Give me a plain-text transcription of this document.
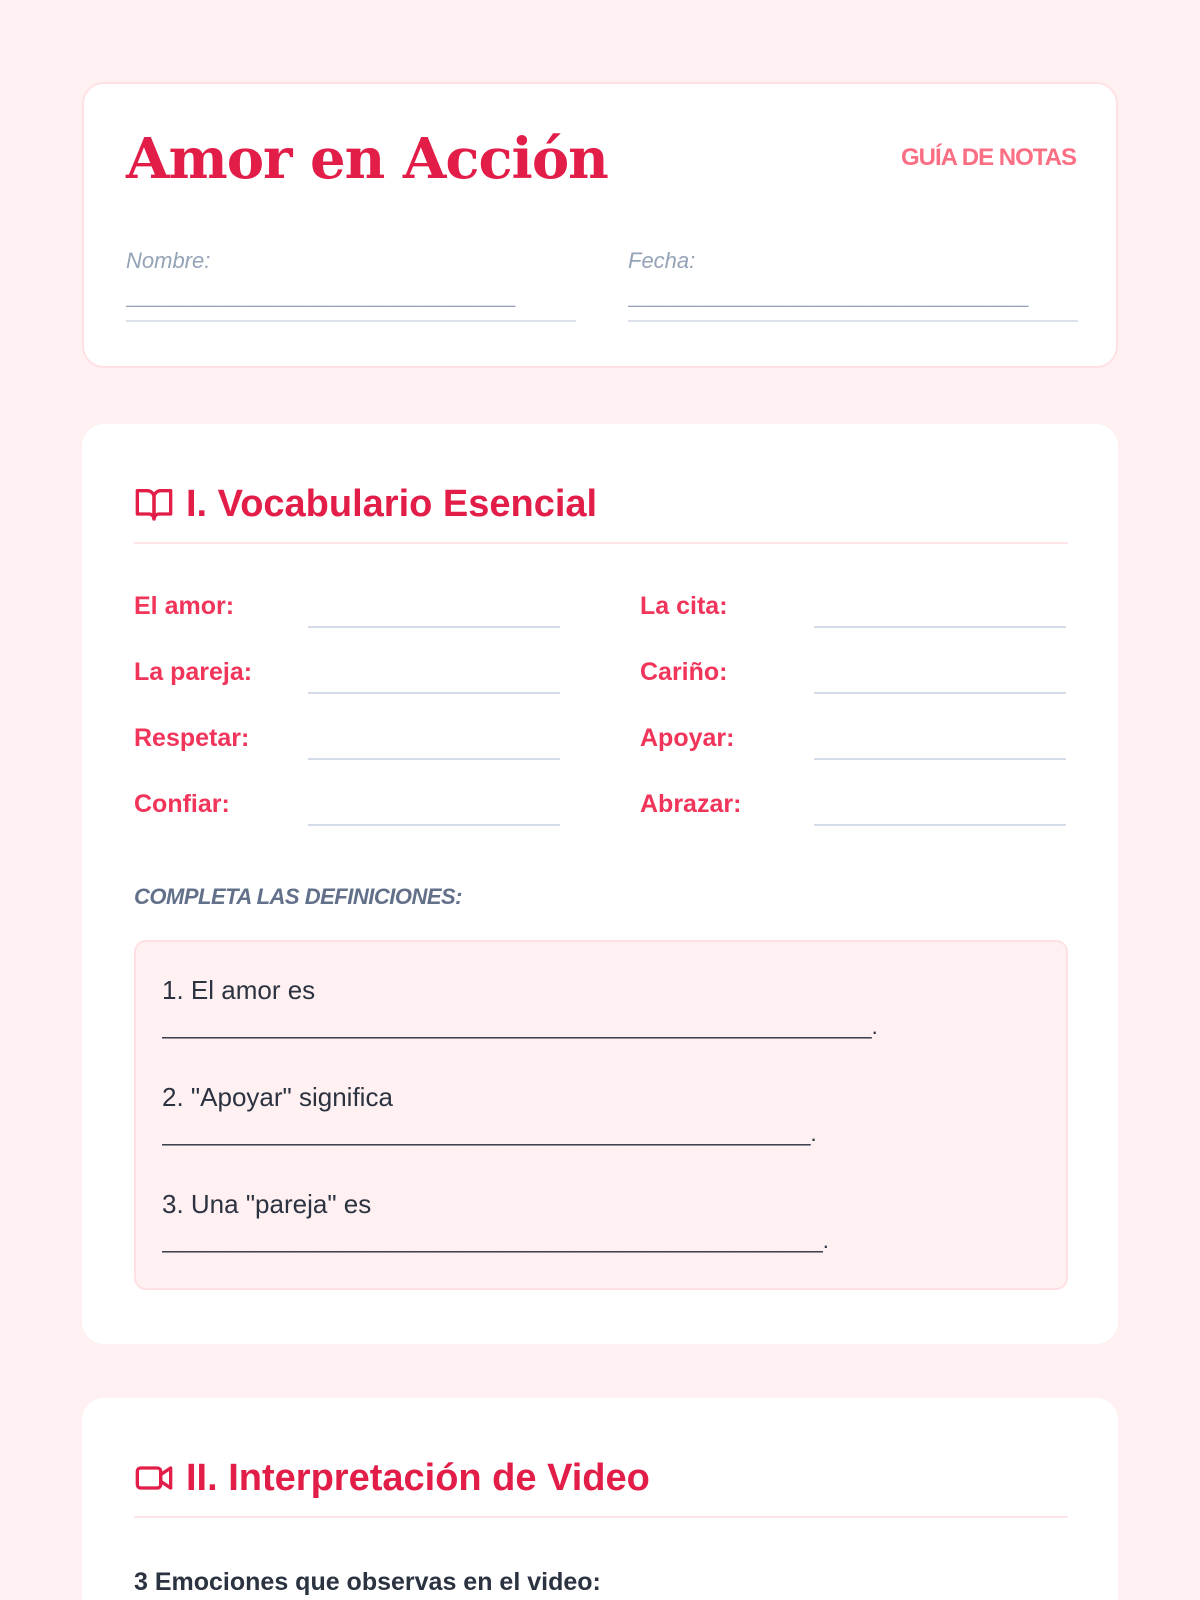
Amor en Acción	GUÍA DE NOTAS
Nombre:
___________________________________
Fecha:
____________________________________
I. Vocabulario Esencial
El amor:	La cita:
La pareja:	Cariño:
Respetar:	Apoyar:
Confiar:	Abrazar:
COMPLETA LAS DEFINICIONES:
1. El amor es
__________________________________________________________.
2. "Apoyar" significa
_____________________________________________________.
3. Una "pareja" es
______________________________________________________.
II. Interpretación de Video
3 Emociones que observas en el video:
